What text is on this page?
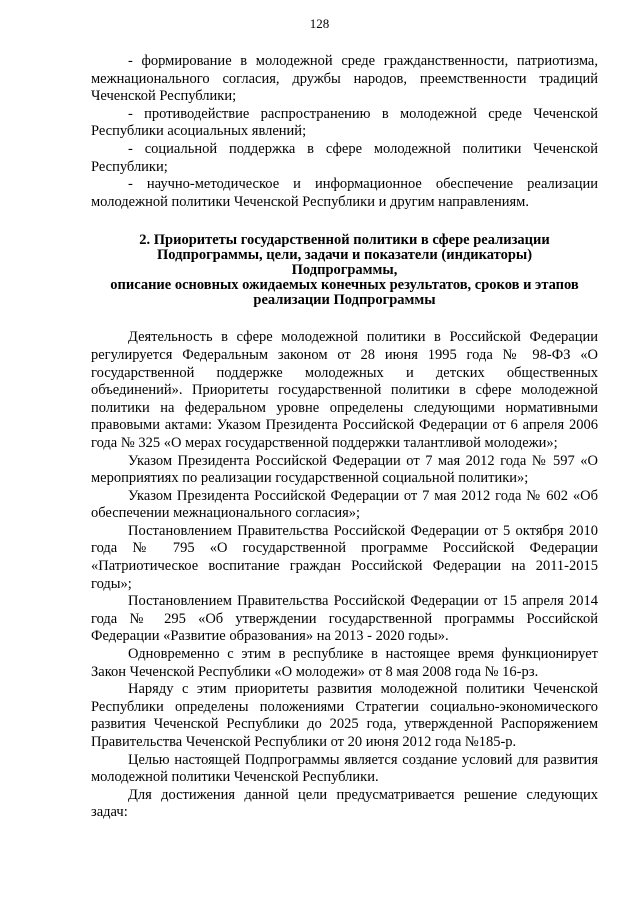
128

- формирование в молодежной среде гражданственности, патриотизма, межнационального согласия, дружбы народов, преемственности традиций Чеченской Республики;

- противодействие распространению в молодежной среде Чеченской Республики асоциальных явлений;

- социальной поддержка в сфере молодежной политики Чеченской Республики;

- научно-методическое и информационное обеспечение реализации молодежной политики Чеченской Республики и другим направлениям.

2. Приоритеты государственной политики в сфере реализации
Подпрограммы, цели, задачи и показатели (индикаторы)
Подпрограммы,
описание основных ожидаемых конечных результатов, сроков и этапов
реализации Подпрограммы

Деятельность в сфере молодежной политики в Российской Федерации регулируется Федеральным законом от 28 июня 1995 года № 98-ФЗ «О государственной поддержке молодежных и детских общественных объединений». Приоритеты государственной политики в сфере молодежной политики на федеральном уровне определены следующими нормативными правовыми актами: Указом Президента Российской Федерации от 6 апреля 2006 года № 325 «О мерах государственной поддержки талантливой молодежи»;

Указом Президента Российской Федерации от 7 мая 2012 года № 597 «О мероприятиях по реализации государственной социальной политики»;

Указом Президента Российской Федерации от 7 мая 2012 года № 602 «Об обеспечении межнационального согласия»;

Постановлением Правительства Российской Федерации от 5 октября 2010 года № 795 «О государственной программе Российской Федерации «Патриотическое воспитание граждан Российской Федерации на 2011-2015 годы»;

Постановлением Правительства Российской Федерации от 15 апреля 2014 года № 295 «Об утверждении государственной программы Российской Федерации «Развитие образования» на 2013 - 2020 годы».

Одновременно с этим в республике в настоящее время функционирует Закон Чеченской Республики «О молодежи» от 8 мая 2008 года № 16-рз.

Наряду с этим приоритеты развития молодежной политики Чеченской Республики определены положениями Стратегии социально-экономического развития Чеченской Республики до 2025 года, утвержденной Распоряжением Правительства Чеченской Республики от 20 июня 2012 года №185-р.

Целью настоящей Подпрограммы является создание условий для развития молодежной политики Чеченской Республики.

Для достижения данной цели предусматривается решение следующих задач:
